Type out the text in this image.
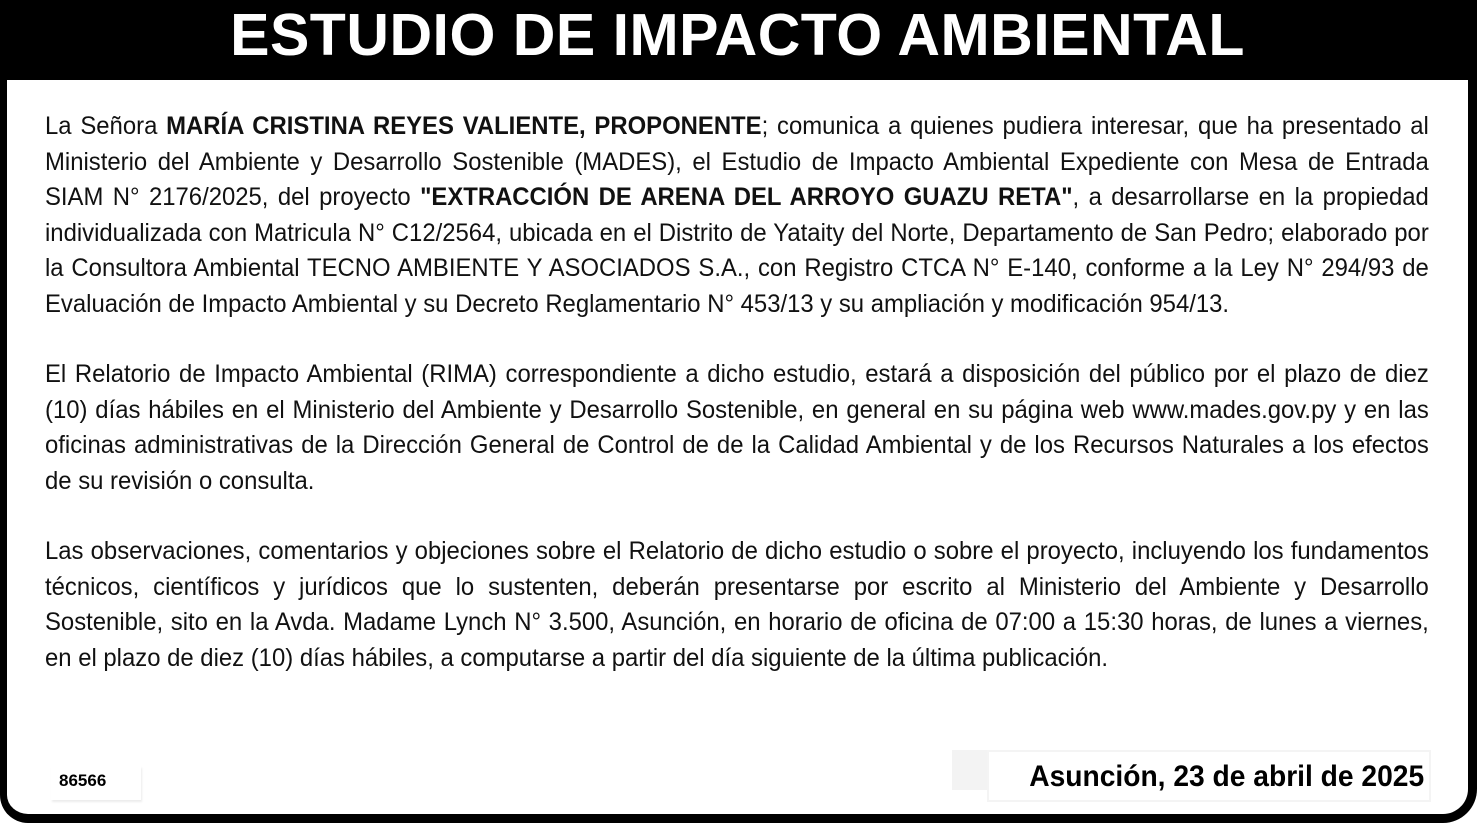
ESTUDIO DE IMPACTO AMBIENTAL

La Señora MARÍA CRISTINA REYES VALIENTE, PROPONENTE; comunica a quienes pudiera interesar, que ha presentado al Ministerio del Ambiente y Desarrollo Sostenible (MADES), el Estudio de Impacto Ambiental Expediente con Mesa de Entrada SIAM N° 2176/2025, del proyecto "EXTRACCIÓN DE ARENA DEL ARROYO GUAZU RETA", a desarrollarse en la propiedad individualizada con Matricula N° C12/2564, ubicada en el Distrito de Yataity del Norte, Departamento de San Pedro; elaborado por la Consultora Ambiental TECNO AMBIENTE Y ASOCIADOS S.A., con Registro CTCA N° E-140, conforme a la Ley N° 294/93 de Evaluación de Impacto Ambiental y su Decreto Reglamentario N° 453/13 y su ampliación y modificación 954/13.

El Relatorio de Impacto Ambiental (RIMA) correspondiente a dicho estudio, estará a disposición del público por el plazo de diez (10) días hábiles en el Ministerio del Ambiente y Desarrollo Sostenible, en general en su página web www.mades.gov.py y en las oficinas administrativas de la Dirección General de Control de de la Calidad Ambiental y de los Recursos Naturales a los efectos de su revisión o consulta.

Las observaciones, comentarios y objeciones sobre el Relatorio de dicho estudio o sobre el proyecto, incluyendo los fundamentos técnicos, científicos y jurídicos que lo sustenten, deberán presentarse por escrito al Ministerio del Ambiente y Desarrollo Sostenible, sito en la Avda. Madame Lynch N° 3.500, Asunción, en horario de oficina de 07:00 a 15:30 horas, de lunes a viernes, en el plazo de diez (10) días hábiles, a computarse a partir del día siguiente de la última publicación.

86566	Asunción, 23 de abril de 2025
